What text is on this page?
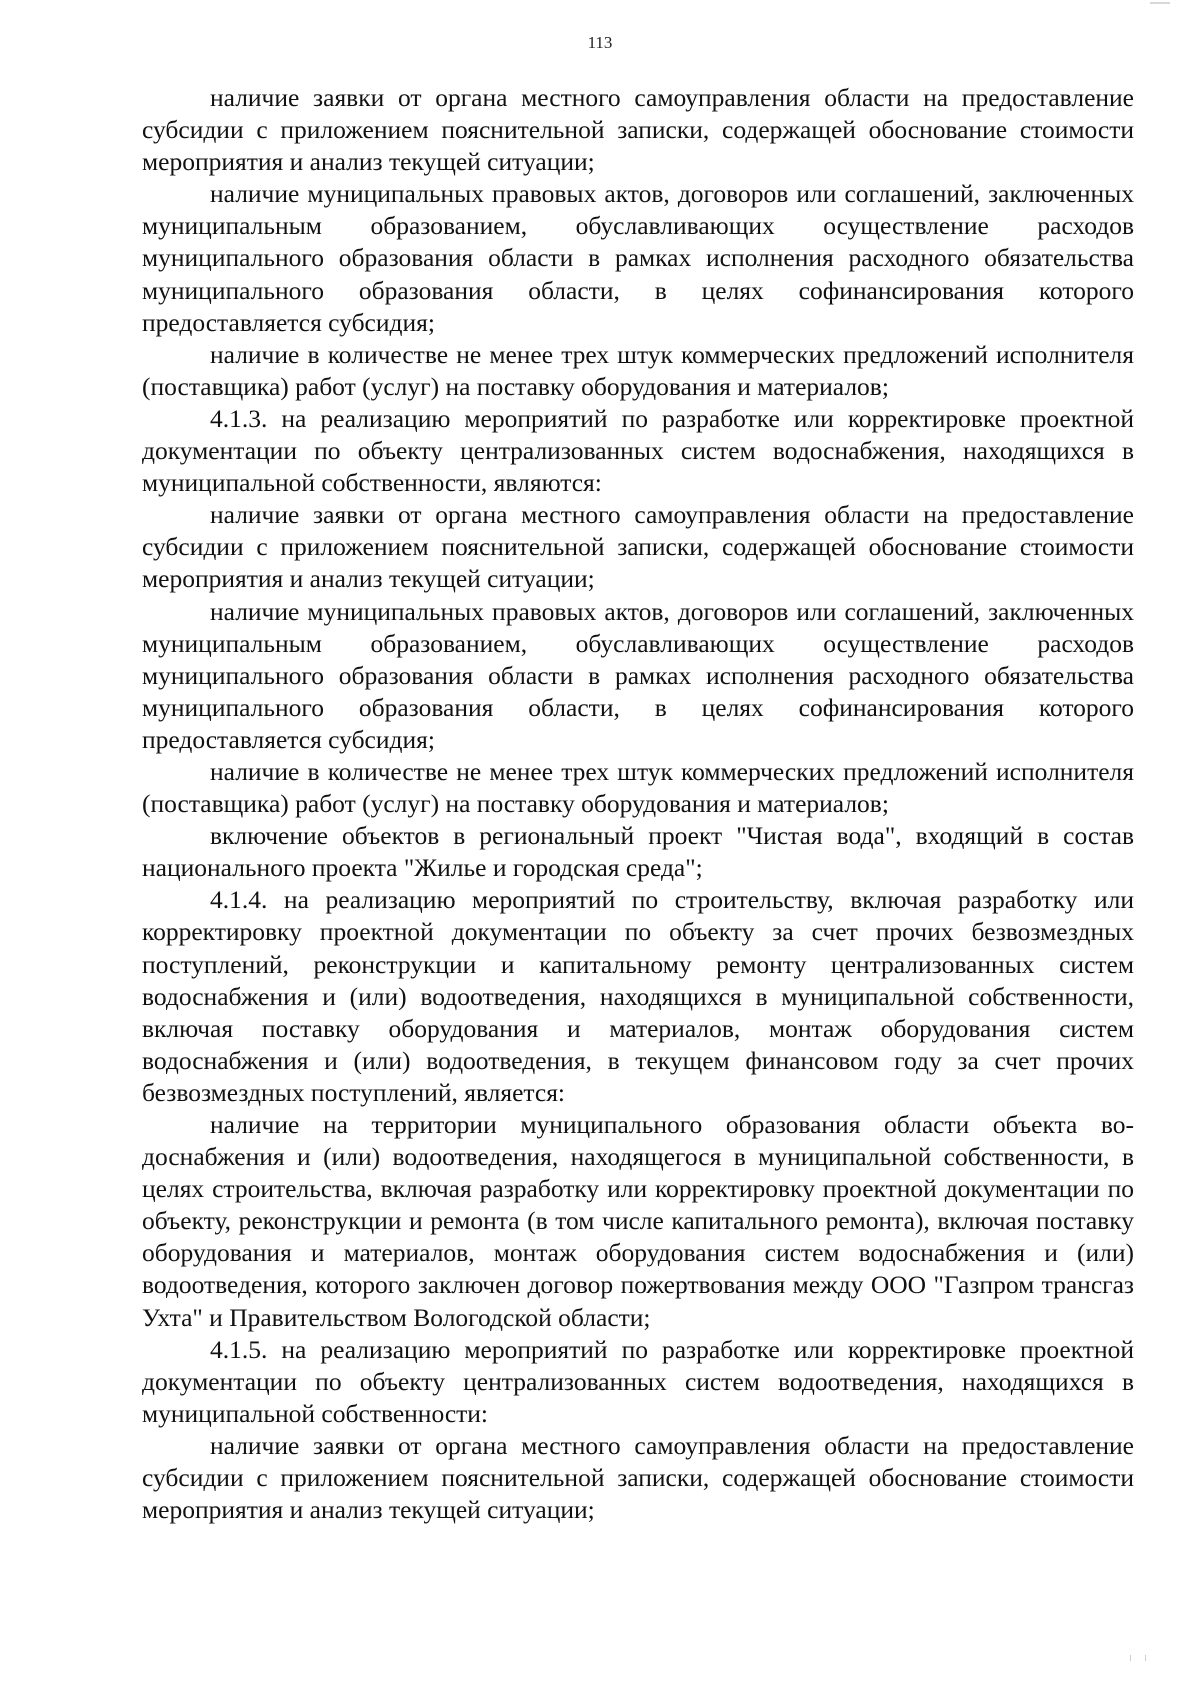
113

наличие заявки от органа местного самоуправления области на предоставление субсидии с приложением пояснительной записки, содержащей обоснование стоимости мероприятия и анализ текущей ситуации;

наличие муниципальных правовых актов, договоров или соглашений, заключенных муниципальным образованием, обуславливающих осуществление расходов муниципального образования области в рамках исполнения расходного обязательства муниципального образования области, в целях софинансирования которого предоставляется субсидия;

наличие в количестве не менее трех штук коммерческих предложений исполнителя (поставщика) работ (услуг) на поставку оборудования и материалов;

4.1.3. на реализацию мероприятий по разработке или корректировке проектной документации по объекту централизованных систем водоснабжения, находящихся в муниципальной собственности, являются:

наличие заявки от органа местного самоуправления области на предоставление субсидии с приложением пояснительной записки, содержащей обоснование стоимости мероприятия и анализ текущей ситуации;

наличие муниципальных правовых актов, договоров или соглашений, заключенных муниципальным образованием, обуславливающих осуществление расходов муниципального образования области в рамках исполнения расходного обязательства муниципального образования области, в целях софинансирования которого предоставляется субсидия;

наличие в количестве не менее трех штук коммерческих предложений исполнителя (поставщика) работ (услуг) на поставку оборудования и материалов;

включение объектов в региональный проект "Чистая вода", входящий в состав национального проекта "Жилье и городская среда";

4.1.4. на реализацию мероприятий по строительству, включая разработку или корректировку проектной документации по объекту за счет прочих безвозмездных поступлений, реконструкции и капитальному ремонту централизованных систем водоснабжения и (или) водоотведения, находящихся в муниципальной собственности, включая поставку оборудования и материалов, монтаж оборудования систем водоснабжения и (или) водоотведения, в текущем финансовом году за счет прочих безвозмездных поступлений, является:

наличие на территории муниципального образования области объекта водоснабжения и (или) водоотведения, находящегося в муниципальной собственности, в целях строительства, включая разработку или корректировку проектной документации по объекту, реконструкции и ремонта (в том числе капитального ремонта), включая поставку оборудования и материалов, монтаж оборудования систем водоснабжения и (или) водоотведения, которого заключен договор пожертвования между ООО "Газпром трансгаз Ухта" и Правительством Вологодской области;

4.1.5. на реализацию мероприятий по разработке или корректировке проектной документации по объекту централизованных систем водоотведения, находящихся в муниципальной собственности:

наличие заявки от органа местного самоуправления области на предоставление субсидии с приложением пояснительной записки, содержащей обоснование стоимости мероприятия и анализ текущей ситуации;
